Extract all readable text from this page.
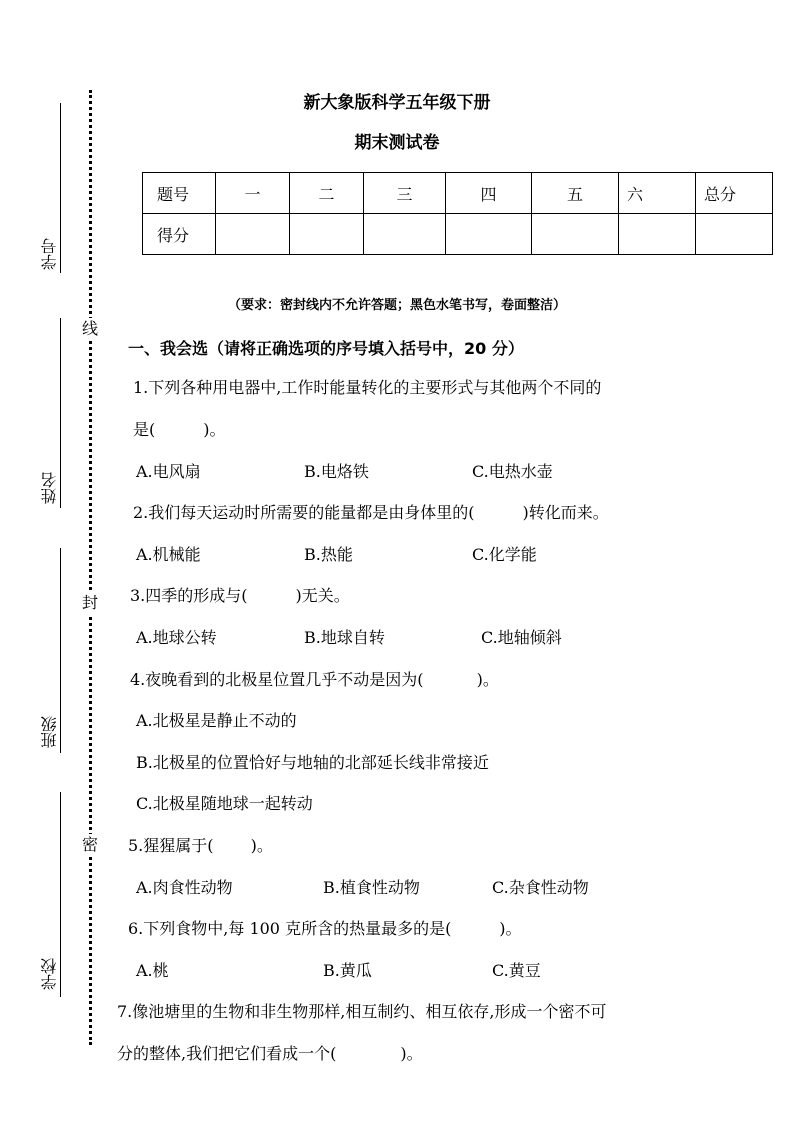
学号
姓名
班级
学校
线
封
密
新大象版科学五年级下册
期末测试卷
题号	一	二	三	四	五	六	总分
得分							
（要求：密封线内不允许答题；黑色水笔书写，卷面整洁）
一、我会选（请将正确选项的序号填入括号中，20 分）
1.下列各种用电器中,工作时能量转化的主要形式与其他两个不同的
是(　　　)。
A.电风扇	B.电烙铁	C.电热水壶
2.我们每天运动时所需要的能量都是由身体里的(　　　)转化而来。
A.机械能	B.热能	C.化学能
3.四季的形成与(　　　)无关。
A.地球公转	B.地球自转	C.地轴倾斜
4.夜晚看到的北极星位置几乎不动是因为(　　　 )。
A.北极星是静止不动的
B.北极星的位置恰好与地轴的北部延长线非常接近
C.北极星随地球一起转动
5.猩猩属于(　　 )。
A.肉食性动物	B.植食性动物	C.杂食性动物
6.下列食物中,每 100 克所含的热量最多的是(　　　)。
A.桃	B.黄瓜	C.黄豆
7.像池塘里的生物和非生物那样,相互制约、相互依存,形成一个密不可
分的整体,我们把它们看成一个(　　　　)。
